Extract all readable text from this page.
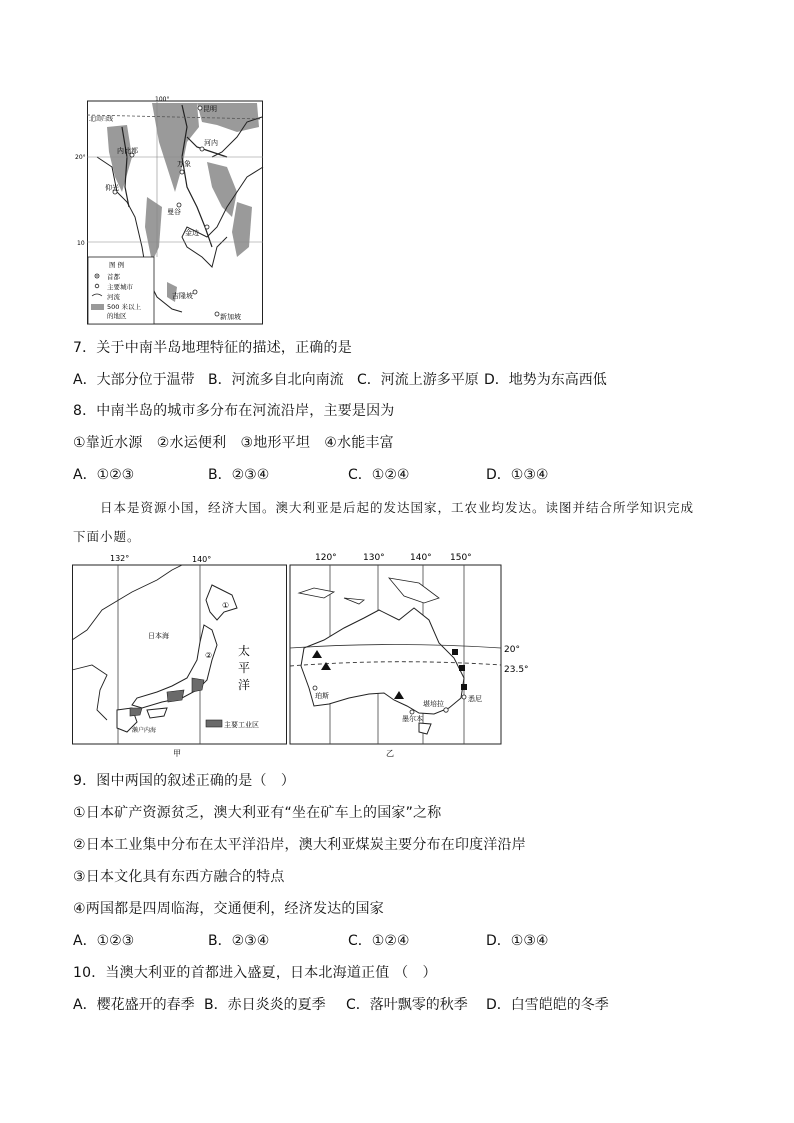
100°
20°
10
昆明
北回归线
河内
内比都
万象
仰光
曼谷
金边
吉隆坡
新加坡
图 例
首都
主要城市
河流
500 米以上
的地区
7．关于中南半岛地理特征的描述，正确的是
A．大部分位于温带 B．河流多自北向南流 C．河流上游多平原 D．地势为东高西低
8．中南半岛的城市多分布在河流沿岸，主要是因为
①靠近水源　②水运便利　③地形平坦　④水能丰富
A．①②③	B．②③④	C．①②④	D．①③④
日本是资源小国，经济大国。澳大利亚是后起的发达国家，工农业均发达。读图并结合所学知识完成
下面小题。
132°	140°
①
②
日本海
太
平
洋
濑户内海
主要工业区
甲
120°	130°	140° 150°
20°
23.5°
珀斯
堪培拉
墨尔本
悉尼
乙
9．图中两国的叙述正确的是（　）
①日本矿产资源贫乏，澳大利亚有“坐在矿车上的国家”之称
②日本工业集中分布在太平洋沿岸，澳大利亚煤炭主要分布在印度洋沿岸
③日本文化具有东西方融合的特点
④两国都是四周临海，交通便利，经济发达的国家
A．①②③	B．②③④	C．①②④	D．①③④
10．当澳大利亚的首都进入盛夏，日本北海道正值 （　）
A．樱花盛开的春季 B．赤日炎炎的夏季 C．落叶飘零的秋季 D．白雪皑皑的冬季
